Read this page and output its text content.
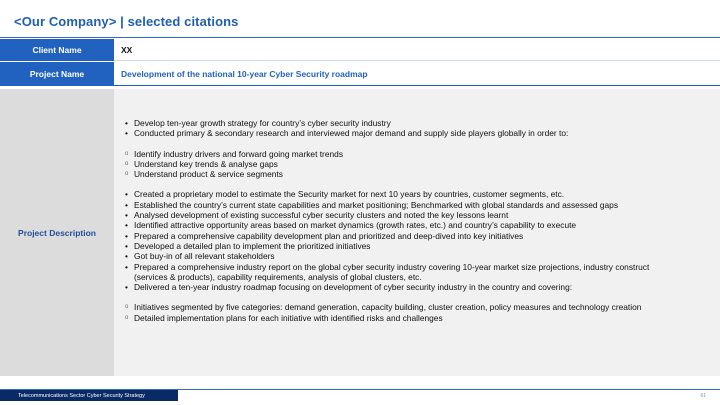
<Our Company> | selected citations
Client Name	XX
Project Name	Development of the national 10-year Cyber Security roadmap
Project Description
• Develop ten-year growth strategy for country’s cyber security industry
• Conducted primary & secondary research and interviewed major demand and supply side players globally in order to:
o Identify industry drivers and forward going market trends
o Understand key trends & analyse gaps
o Understand product & service segments
• Created a proprietary model to estimate the Security market for next 10 years by countries, customer segments, etc.
• Established the country’s current state capabilities and market positioning; Benchmarked with global standards and assessed gaps
• Analysed development of existing successful cyber security clusters and noted the key lessons learnt
• Identified attractive opportunity areas based on market dynamics (growth rates, etc.) and country’s capability to execute
• Prepared a comprehensive capability development plan and prioritized and deep-dived into key initiatives
• Developed a detailed plan to implement the prioritized initiatives
• Got buy-in of all relevant stakeholders
• Prepared a comprehensive industry report on the global cyber security industry covering 10-year market size projections, industry construct
(services & products), capability requirements, analysis of global clusters, etc.
• Delivered a ten-year industry roadmap focusing on development of cyber security industry in the country and covering:
o Initiatives segmented by five categories: demand generation, capacity building, cluster creation, policy measures and technology creation
o Detailed implementation plans for each initiative with identified risks and challenges
Telecommunications Sector Cyber Security Strategy	61
